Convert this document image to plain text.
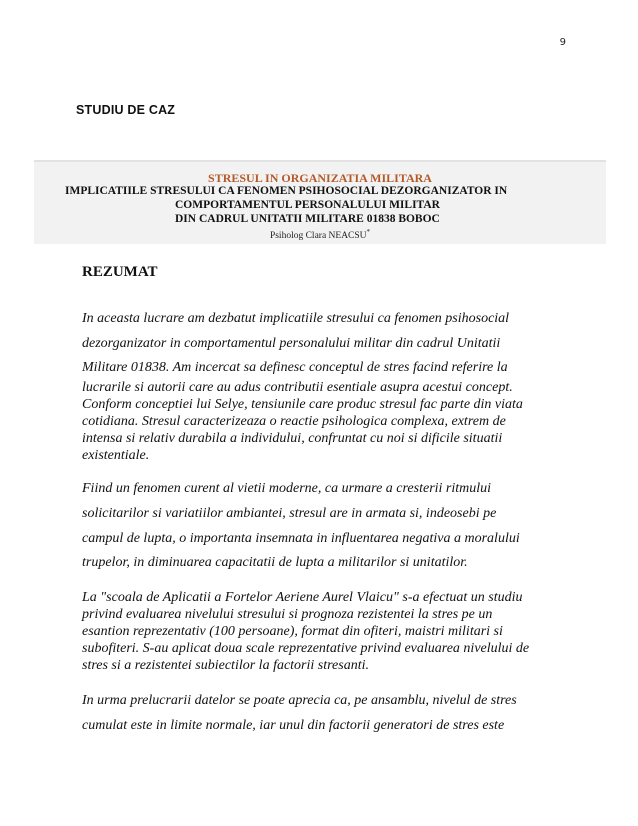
9
STUDIU DE CAZ
STRESUL IN ORGANIZATIA MILITARA
IMPLICATIILE STRESULUI CA FENOMEN PSIHOSOCIAL DEZORGANIZATOR IN
COMPORTAMENTUL PERSONALULUI MILITAR
DIN CADRUL UNITATII MILITARE 01838 BOBOC
Psiholog Clara NEACSU*
REZUMAT
In aceasta lucrare am dezbatut implicatiile stresului ca fenomen psihosocial
dezorganizator in comportamentul personalului militar din cadrul Unitatii
Militare 01838. Am incercat sa definesc conceptul de stres facind referire la
lucrarile si autorii care au adus contributii esentiale asupra acestui concept.
Conform conceptiei lui Selye, tensiunile care produc stresul fac parte din viata
cotidiana. Stresul caracterizeaza o reactie psihologica complexa, extrem de
intensa si relativ durabila a individului, confruntat cu noi si dificile situatii
existentiale.
Fiind un fenomen curent al vietii moderne, ca urmare a cresterii ritmului
solicitarilor si variatiilor ambiantei, stresul are in armata si, indeosebi pe
campul de lupta, o importanta insemnata in influentarea negativa a moralului
trupelor, in diminuarea capacitatii de lupta a militarilor si unitatilor.
La "scoala de Aplicatii a Fortelor Aeriene Aurel Vlaicu" s-a efectuat un studiu
privind evaluarea nivelului stresului si prognoza rezistentei la stres pe un
esantion reprezentativ (100 persoane), format din ofiteri, maistri militari si
subofiteri. S-au aplicat doua scale reprezentative privind evaluarea nivelului de
stres si a rezistentei subiectilor la factorii stresanti.
In urma prelucrarii datelor se poate aprecia ca, pe ansamblu, nivelul de stres
cumulat este in limite normale, iar unul din factorii generatori de stres este
